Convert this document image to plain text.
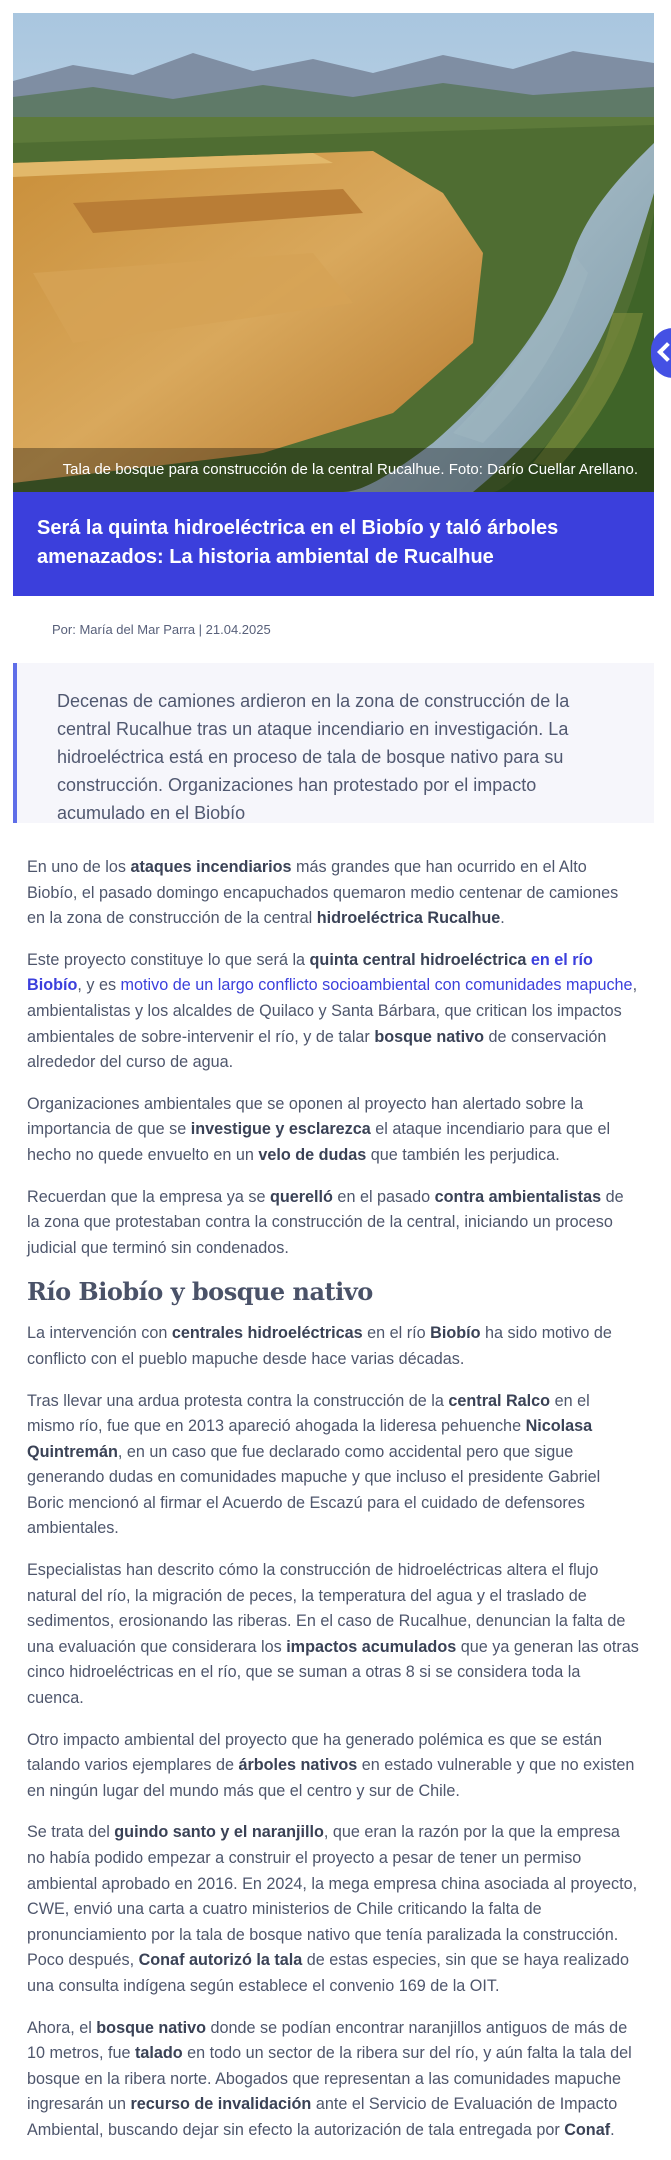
Tala de bosque para construcción de la central Rucalhue. Foto: Darío Cuellar Arellano.
Será la quinta hidroeléctrica en el Biobío y taló árboles amenazados: La historia ambiental de Rucalhue
Por: María del Mar Parra | 21.04.2025

Decenas de camiones ardieron en la zona de construcción de la central Rucalhue tras un ataque incendiario en investigación. La hidroeléctrica está en proceso de tala de bosque nativo para su construcción. Organizaciones han protestado por el impacto acumulado en el Biobío

En uno de los ataques incendiarios más grandes que han ocurrido en el Alto Biobío, el pasado domingo encapuchados quemaron medio centenar de camiones en la zona de construcción de la central hidroeléctrica Rucalhue.

Este proyecto constituye lo que será la quinta central hidroeléctrica en el río Biobío, y es motivo de un largo conflicto socioambiental con comunidades mapuche, ambientalistas y los alcaldes de Quilaco y Santa Bárbara, que critican los impactos ambientales de sobre-intervenir el río, y de talar bosque nativo de conservación alrededor del curso de agua.

Organizaciones ambientales que se oponen al proyecto han alertado sobre la importancia de que se investigue y esclarezca el ataque incendiario para que el hecho no quede envuelto en un velo de dudas que también les perjudica.

Recuerdan que la empresa ya se querelló en el pasado contra ambientalistas de la zona que protestaban contra la construcción de la central, iniciando un proceso judicial que terminó sin condenados.

Río Biobío y bosque nativo

La intervención con centrales hidroeléctricas en el río Biobío ha sido motivo de conflicto con el pueblo mapuche desde hace varias décadas.

Tras llevar una ardua protesta contra la construcción de la central Ralco en el mismo río, fue que en 2013 apareció ahogada la lideresa pehuenche Nicolasa Quintremán, en un caso que fue declarado como accidental pero que sigue generando dudas en comunidades mapuche y que incluso el presidente Gabriel Boric mencionó al firmar el Acuerdo de Escazú para el cuidado de defensores ambientales.

Especialistas han descrito cómo la construcción de hidroeléctricas altera el flujo natural del río, la migración de peces, la temperatura del agua y el traslado de sedimentos, erosionando las riberas. En el caso de Rucalhue, denuncian la falta de una evaluación que considerara los impactos acumulados que ya generan las otras cinco hidroeléctricas en el río, que se suman a otras 8 si se considera toda la cuenca.

Otro impacto ambiental del proyecto que ha generado polémica es que se están talando varios ejemplares de árboles nativos en estado vulnerable y que no existen en ningún lugar del mundo más que el centro y sur de Chile.

Se trata del guindo santo y el naranjillo, que eran la razón por la que la empresa no había podido empezar a construir el proyecto a pesar de tener un permiso ambiental aprobado en 2016. En 2024, la mega empresa china asociada al proyecto, CWE, envió una carta a cuatro ministerios de Chile criticando la falta de pronunciamiento por la tala de bosque nativo que tenía paralizada la construcción. Poco después, Conaf autorizó la tala de estas especies, sin que se haya realizado una consulta indígena según establece el convenio 169 de la OIT.

Ahora, el bosque nativo donde se podían encontrar naranjillos antiguos de más de 10 metros, fue talado en todo un sector de la ribera sur del río, y aún falta la tala del bosque en la ribera norte. Abogados que representan a las comunidades mapuche ingresarán un recurso de invalidación ante el Servicio de Evaluación de Impacto Ambiental, buscando dejar sin efecto la autorización de tala entregada por Conaf.
